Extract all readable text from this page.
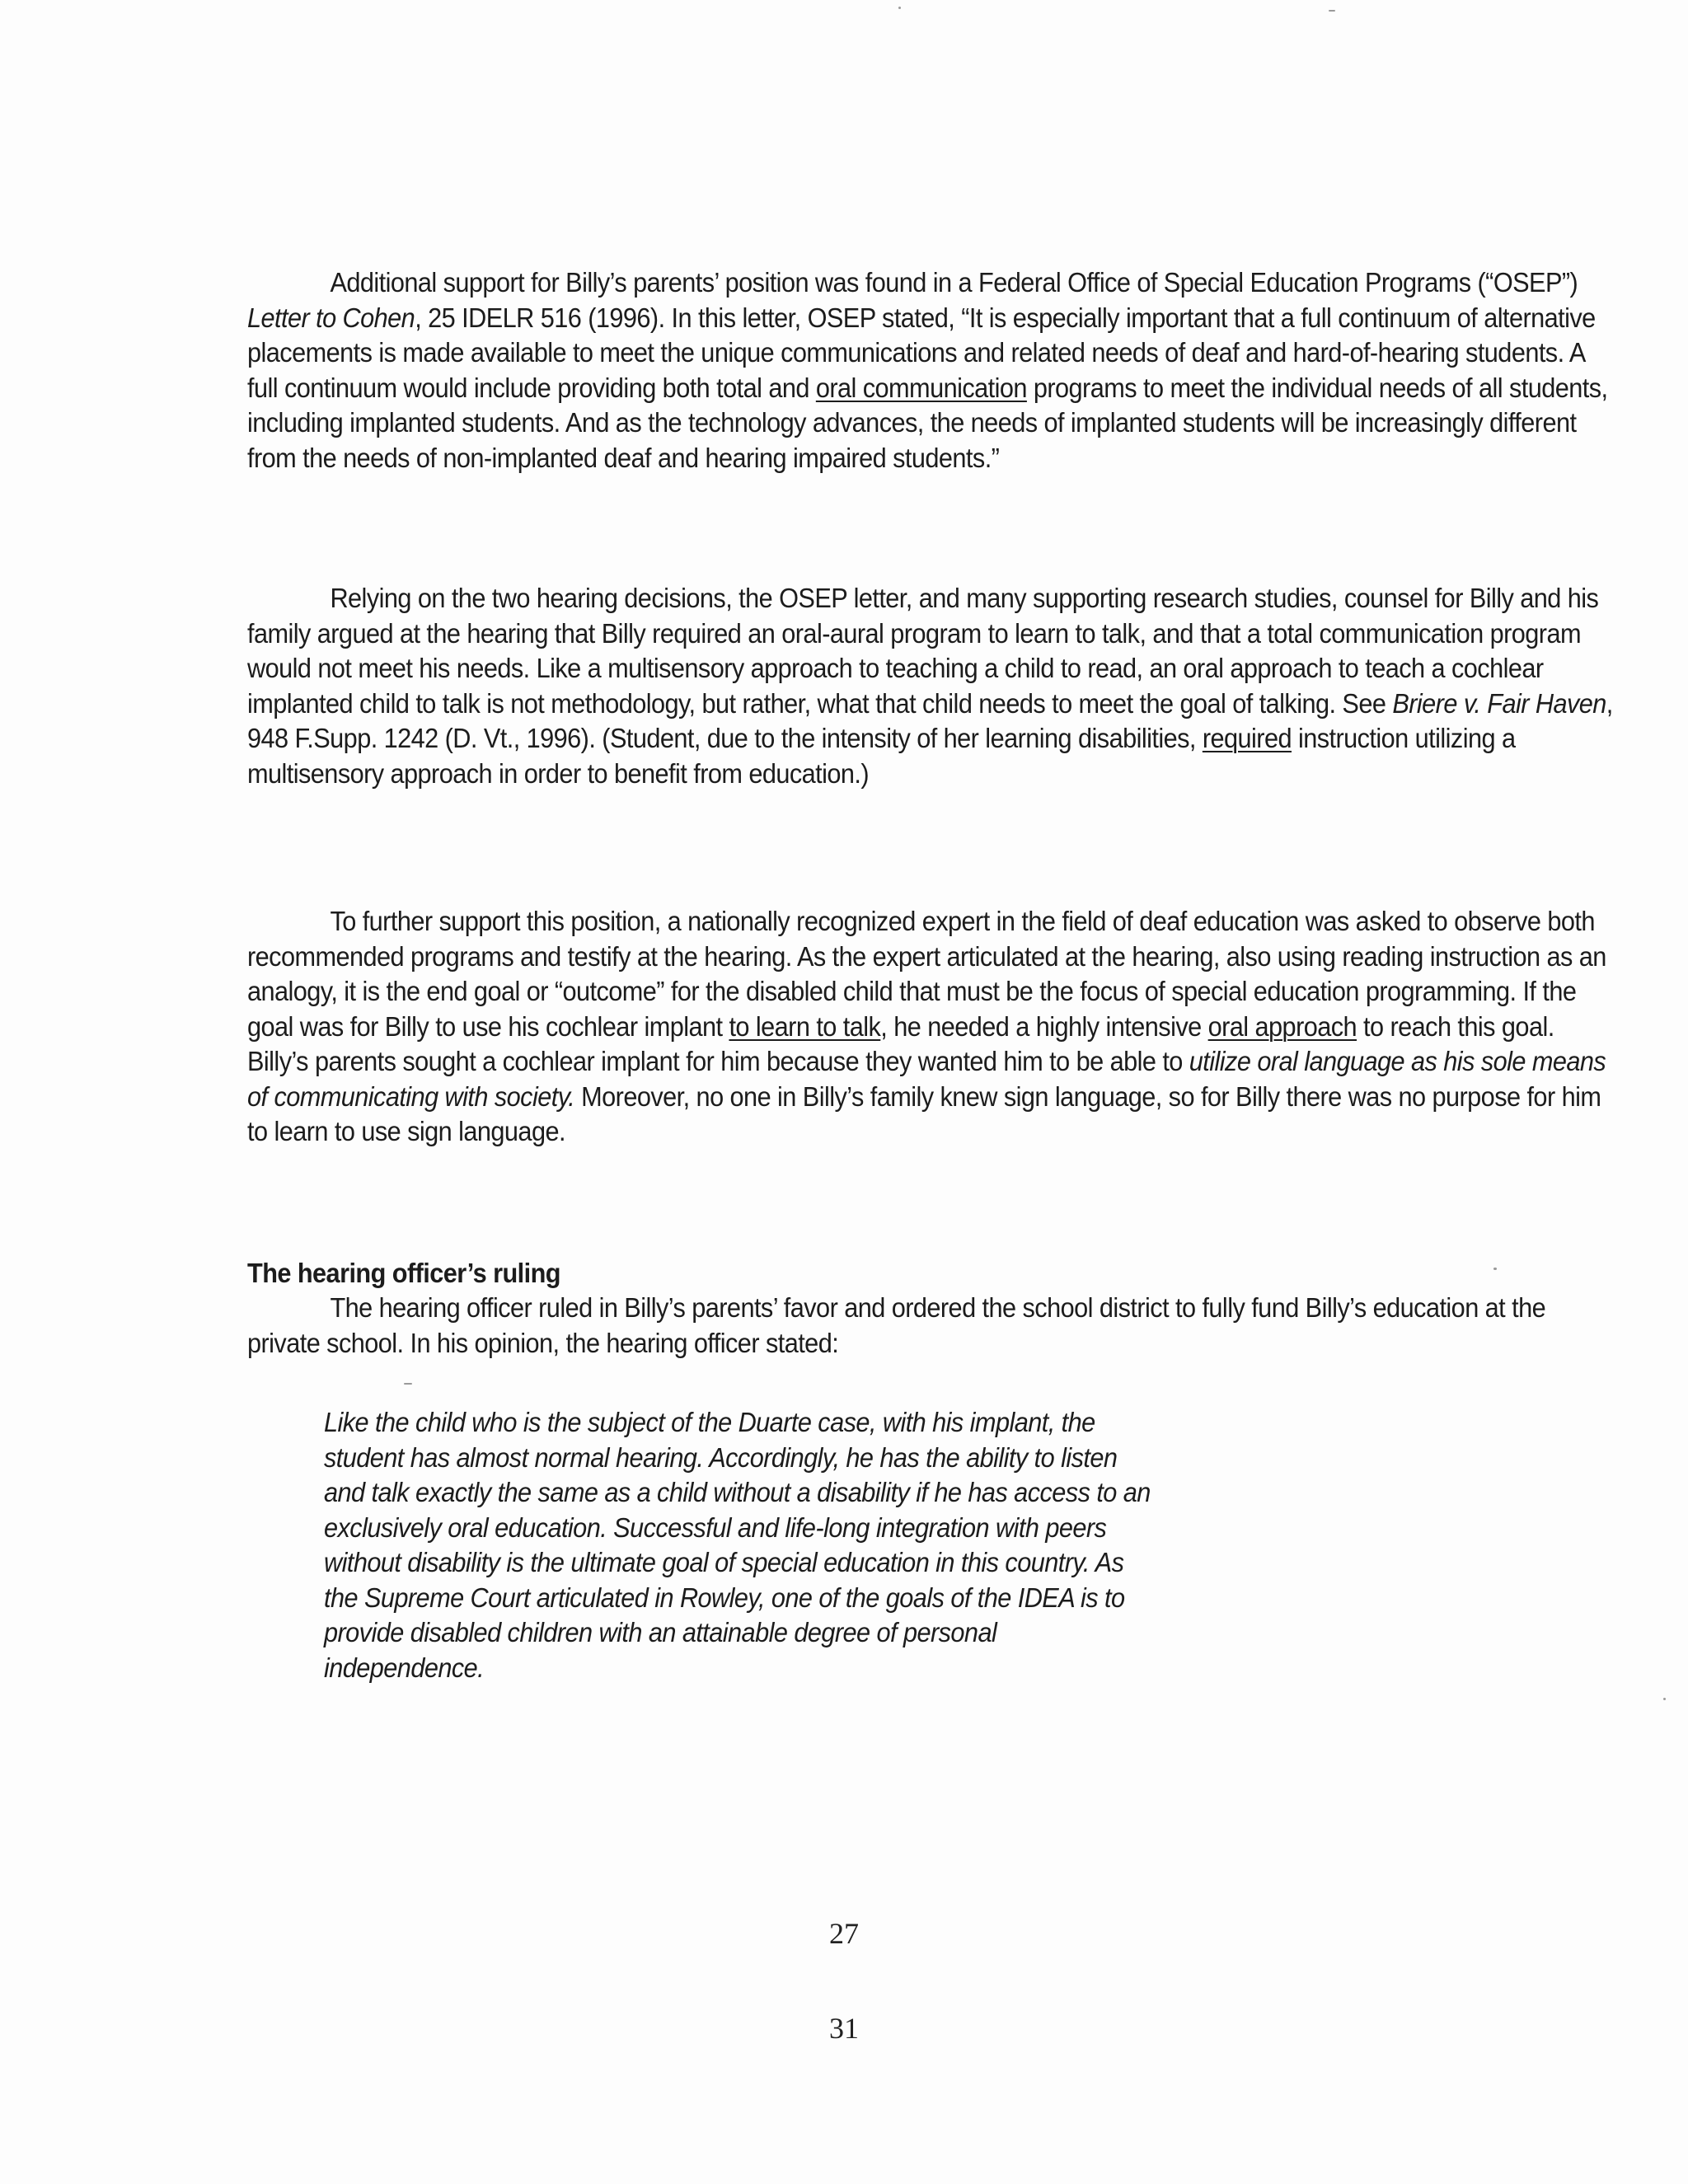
Additional support for Billy’s parents’ position was found in a Federal Office of Special Education Programs (“OSEP”) Letter to Cohen, 25 IDELR 516 (1996). In this letter, OSEP stated, “It is especially important that a full continuum of alternative placements is made available to meet the unique communications and related needs of deaf and hard-of-hearing students. A full continuum would include providing both total and oral communication programs to meet the individual needs of all students, including implanted students. And as the technology advances, the needs of implanted students will be increasingly different from the needs of non-implanted deaf and hearing impaired students.”

Relying on the two hearing decisions, the OSEP letter, and many supporting research studies, counsel for Billy and his family argued at the hearing that Billy required an oral-aural program to learn to talk, and that a total communication program would not meet his needs. Like a multisensory approach to teaching a child to read, an oral approach to teach a cochlear implanted child to talk is not methodology, but rather, what that child needs to meet the goal of talking. See Briere v. Fair Haven, 948 F.Supp. 1242 (D. Vt., 1996). (Student, due to the intensity of her learning disabilities, required instruction utilizing a multisensory approach in order to benefit from education.)

To further support this position, a nationally recognized expert in the field of deaf education was asked to observe both recommended programs and testify at the hearing. As the expert articulated at the hearing, also using reading instruction as an analogy, it is the end goal or “outcome” for the disabled child that must be the focus of special education programming. If the goal was for Billy to use his cochlear implant to learn to talk, he needed a highly intensive oral approach to reach this goal. Billy’s parents sought a cochlear implant for him because they wanted him to be able to utilize oral language as his sole means of communicating with society. Moreover, no one in Billy’s family knew sign language, so for Billy there was no purpose for him to learn to use sign language.

The hearing officer’s ruling

The hearing officer ruled in Billy’s parents’ favor and ordered the school district to fully fund Billy’s education at the private school. In his opinion, the hearing officer stated:

Like the child who is the subject of the Duarte case, with his implant, the student has almost normal hearing. Accordingly, he has the ability to listen and talk exactly the same as a child without a disability if he has access to an exclusively oral education. Successful and life-long integration with peers without disability is the ultimate goal of special education in this country. As the Supreme Court articulated in Rowley, one of the goals of the IDEA is to provide disabled children with an attainable degree of personal independence.

27
31
